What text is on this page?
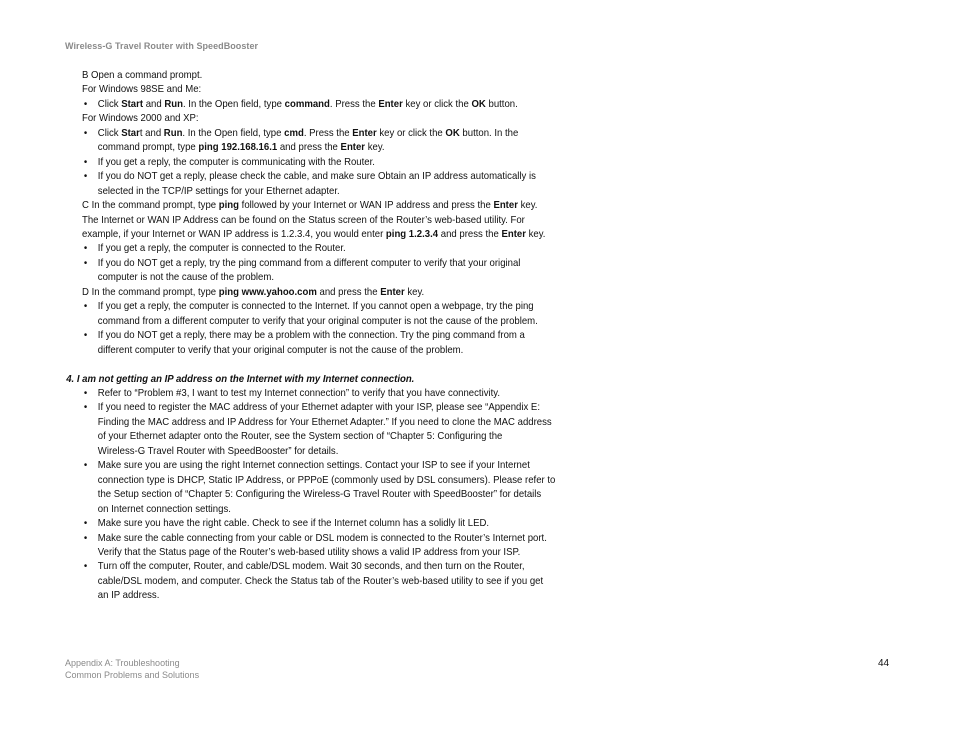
Wireless-G Travel Router with SpeedBooster

B Open a command prompt.

For Windows 98SE and Me:

• Click Start and Run. In the Open field, type command. Press the Enter key or click the OK button.

For Windows 2000 and XP:

• Click Start and Run. In the Open field, type cmd. Press the Enter key or click the OK button. In the
command prompt, type ping 192.168.16.1 and press the Enter key.
• If you get a reply, the computer is communicating with the Router.
• If you do NOT get a reply, please check the cable, and make sure Obtain an IP address automatically is
selected in the TCP/IP settings for your Ethernet adapter.

C In the command prompt, type ping followed by your Internet or WAN IP address and press the Enter key.

The Internet or WAN IP Address can be found on the Status screen of the Router’s web-based utility. For

example, if your Internet or WAN IP address is 1.2.3.4, you would enter ping 1.2.3.4 and press the Enter key.

• If you get a reply, the computer is connected to the Router.
• If you do NOT get a reply, try the ping command from a different computer to verify that your original
computer is not the cause of the problem.

D In the command prompt, type ping www.yahoo.com and press the Enter key.

• If you get a reply, the computer is connected to the Internet. If you cannot open a webpage, try the ping
command from a different computer to verify that your original computer is not the cause of the problem.
• If you do NOT get a reply, there may be a problem with the connection. Try the ping command from a
different computer to verify that your original computer is not the cause of the problem.

4. I am not getting an IP address on the Internet with my Internet connection.

• Refer to “Problem #3, I want to test my Internet connection” to verify that you have connectivity.
• If you need to register the MAC address of your Ethernet adapter with your ISP, please see “Appendix E:
Finding the MAC address and IP Address for Your Ethernet Adapter.” If you need to clone the MAC address
of your Ethernet adapter onto the Router, see the System section of “Chapter 5: Configuring the
Wireless-G Travel Router with SpeedBooster” for details.
• Make sure you are using the right Internet connection settings. Contact your ISP to see if your Internet
connection type is DHCP, Static IP Address, or PPPoE (commonly used by DSL consumers). Please refer to
the Setup section of “Chapter 5: Configuring the Wireless-G Travel Router with SpeedBooster” for details
on Internet connection settings.
• Make sure you have the right cable. Check to see if the Internet column has a solidly lit LED.
• Make sure the cable connecting from your cable or DSL modem is connected to the Router’s Internet port.
Verify that the Status page of the Router’s web-based utility shows a valid IP address from your ISP.
• Turn off the computer, Router, and cable/DSL modem. Wait 30 seconds, and then turn on the Router,
cable/DSL modem, and computer. Check the Status tab of the Router’s web-based utility to see if you get
an IP address.
Appendix A: Troubleshooting
Common Problems and Solutions
44
